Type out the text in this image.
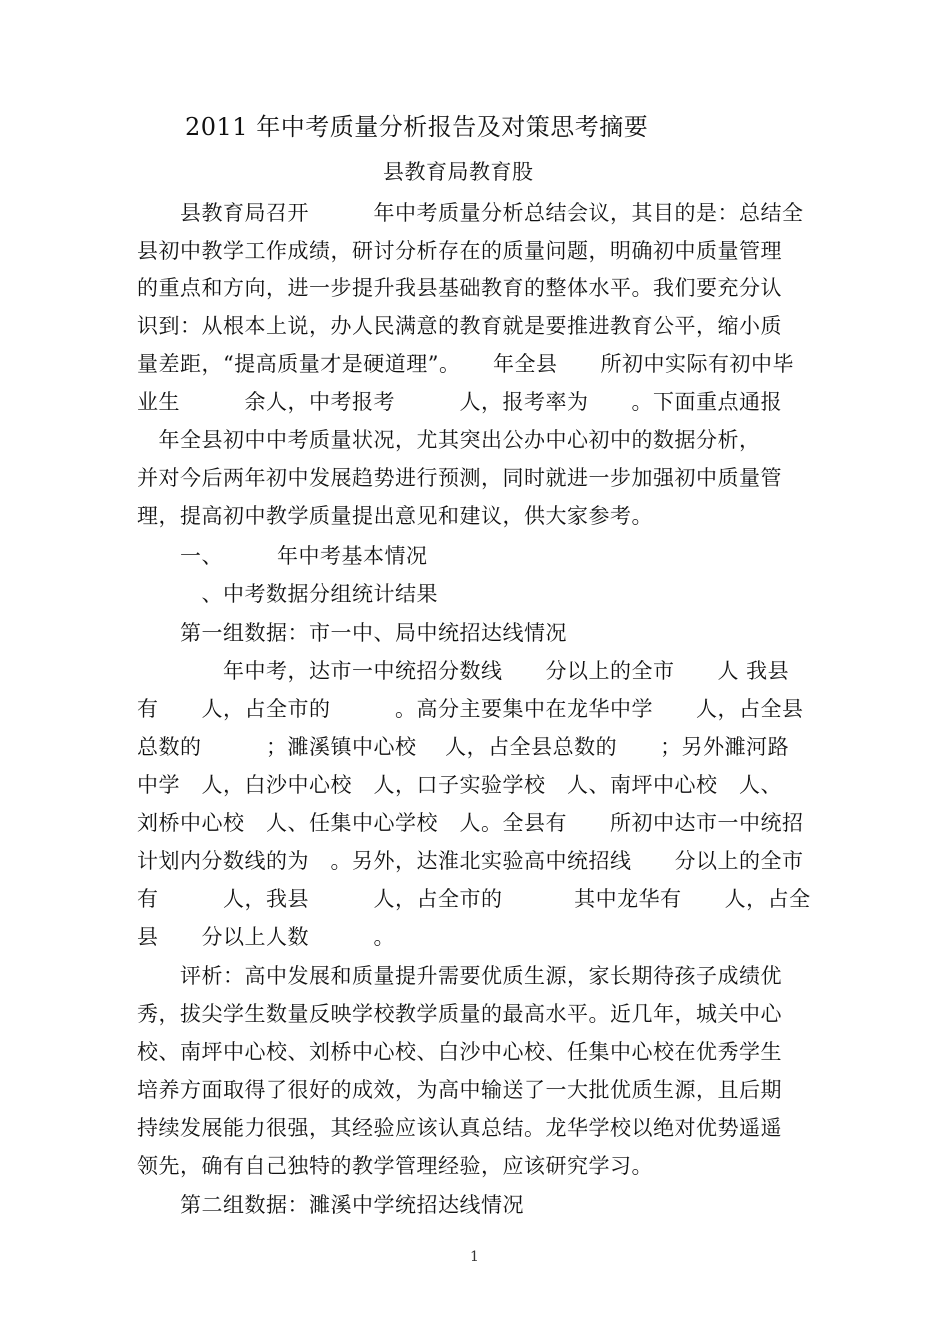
2011 年中考质量分析报告及对策思考摘要
县教育局教育股
县教育局召开　　　年中考质量分析总结会议，其目的是：总结全
县初中教学工作成绩，研讨分析存在的质量问题，明确初中质量管理
的重点和方向，进一步提升我县基础教育的整体水平。我们要充分认
识到：从根本上说，办人民满意的教育就是要推进教育公平，缩小质
量差距，“提高质量才是硬道理”。　　年全县　　所初中实际有初中毕
业生　　　余人，中考报考　　　人，报考率为　　。下面重点通报
　年全县初中中考质量状况，尤其突出公办中心初中的数据分析，
并对今后两年初中发展趋势进行预测，同时就进一步加强初中质量管
理，提高初中教学质量提出意见和建议，供大家参考。
一、　　　年中考基本情况
　、中考数据分组统计结果
第一组数据：市一中、局中统招达线情况
　　年中考，达市一中统招分数线　　分以上的全市　　人 我县
有　　人，占全市的　　　。高分主要集中在龙华中学　　人，占全县
总数的　　　；濉溪镇中心校　 人，占全县总数的　　；另外濉河路
中学　人，白沙中心校　人，口子实验学校　人、南坪中心校　人、
刘桥中心校　人、任集中心学校　人。全县有　　所初中达市一中统招
计划内分数线的为　。另外，达淮北实验高中统招线　　分以上的全市
有　　　人，我县　　　人，占全市的　　　 其中龙华有　　人，占全
县　　分以上人数　　　。
评析：高中发展和质量提升需要优质生源，家长期待孩子成绩优
秀，拔尖学生数量反映学校教学质量的最高水平。近几年，城关中心
校、南坪中心校、刘桥中心校、白沙中心校、任集中心校在优秀学生
培养方面取得了很好的成效，为高中输送了一大批优质生源，且后期
持续发展能力很强，其经验应该认真总结。龙华学校以绝对优势遥遥
领先，确有自己独特的教学管理经验，应该研究学习。
第二组数据：濉溪中学统招达线情况
1
